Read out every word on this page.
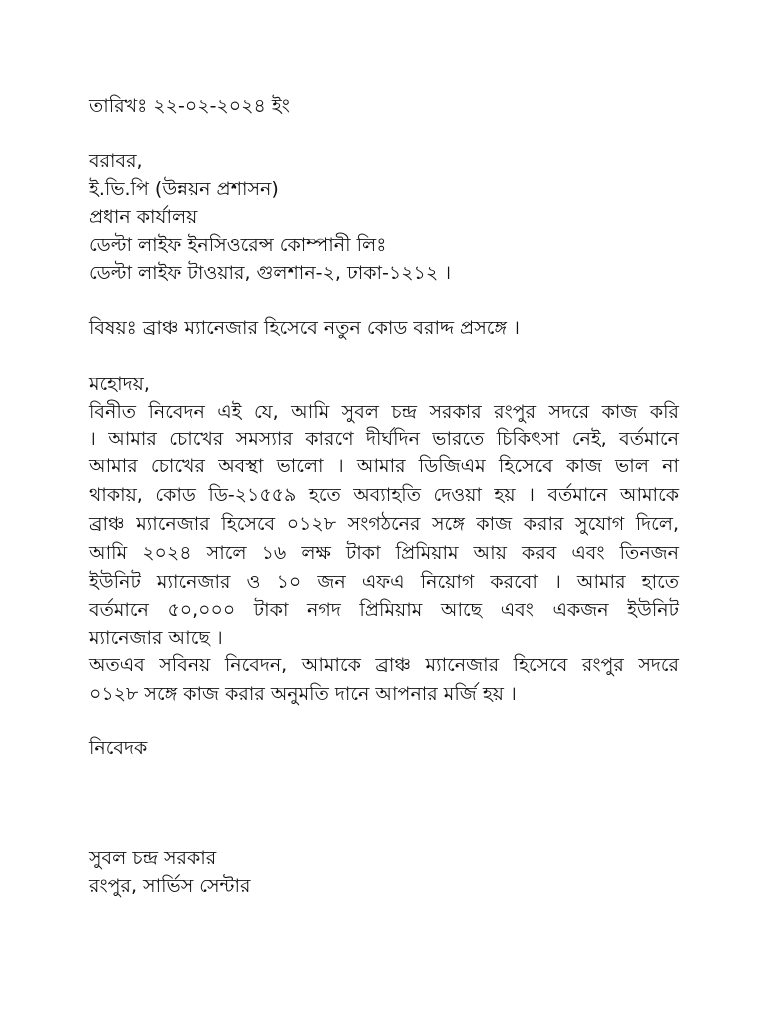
তারিখঃ ২২-০২-২০২৪ ইং
বরাবর,
ই.ভি.পি (উন্নয়ন প্রশাসন)
প্রধান কার্যালয়
ডেল্টা লাইফ ইনসিওরেন্স কোম্পানী লিঃ
ডেল্টা লাইফ টাওয়ার, গুলশান-২, ঢাকা-১২১২ ।
বিষয়ঃ ব্রাঞ্চ ম্যানেজার হিসেবে নতুন কোড বরাদ্দ প্রসঙ্গে ।
মহোদয়,
বিনীত নিবেদন এই যে, আমি সুবল চন্দ্র সরকার রংপুর সদরে কাজ করি
। আমার চোখের সমস্যার কারণে দীর্ঘদিন ভারতে চিকিৎসা নেই, বর্তমানে
আমার চোখের অবস্থা ভালো । আমার ডিজিএম হিসেবে কাজ ভাল না
থাকায়, কোড ডি-২১৫৫৯ হতে অব্যাহতি দেওয়া হয় । বর্তমানে আমাকে
ব্রাঞ্চ ম্যানেজার হিসেবে ০১২৮ সংগঠনের সঙ্গে কাজ করার সুযোগ দিলে,
আমি ২০২৪ সালে ১৬ লক্ষ টাকা প্রিমিয়াম আয় করব এবং তিনজন
ইউনিট ম্যানেজার ও ১০ জন এফএ নিয়োগ করবো । আমার হাতে
বর্তমানে ৫০,০০০ টাকা নগদ প্রিমিয়াম আছে এবং একজন ইউনিট
ম্যানেজার আছে ।
অতএব সবিনয় নিবেদন, আমাকে ব্রাঞ্চ ম্যানেজার হিসেবে রংপুর সদরে
০১২৮ সঙ্গে কাজ করার অনুমতি দানে আপনার মর্জি হয় ।
নিবেদক
সুবল চন্দ্র সরকার
রংপুর, সার্ভিস সেন্টার
